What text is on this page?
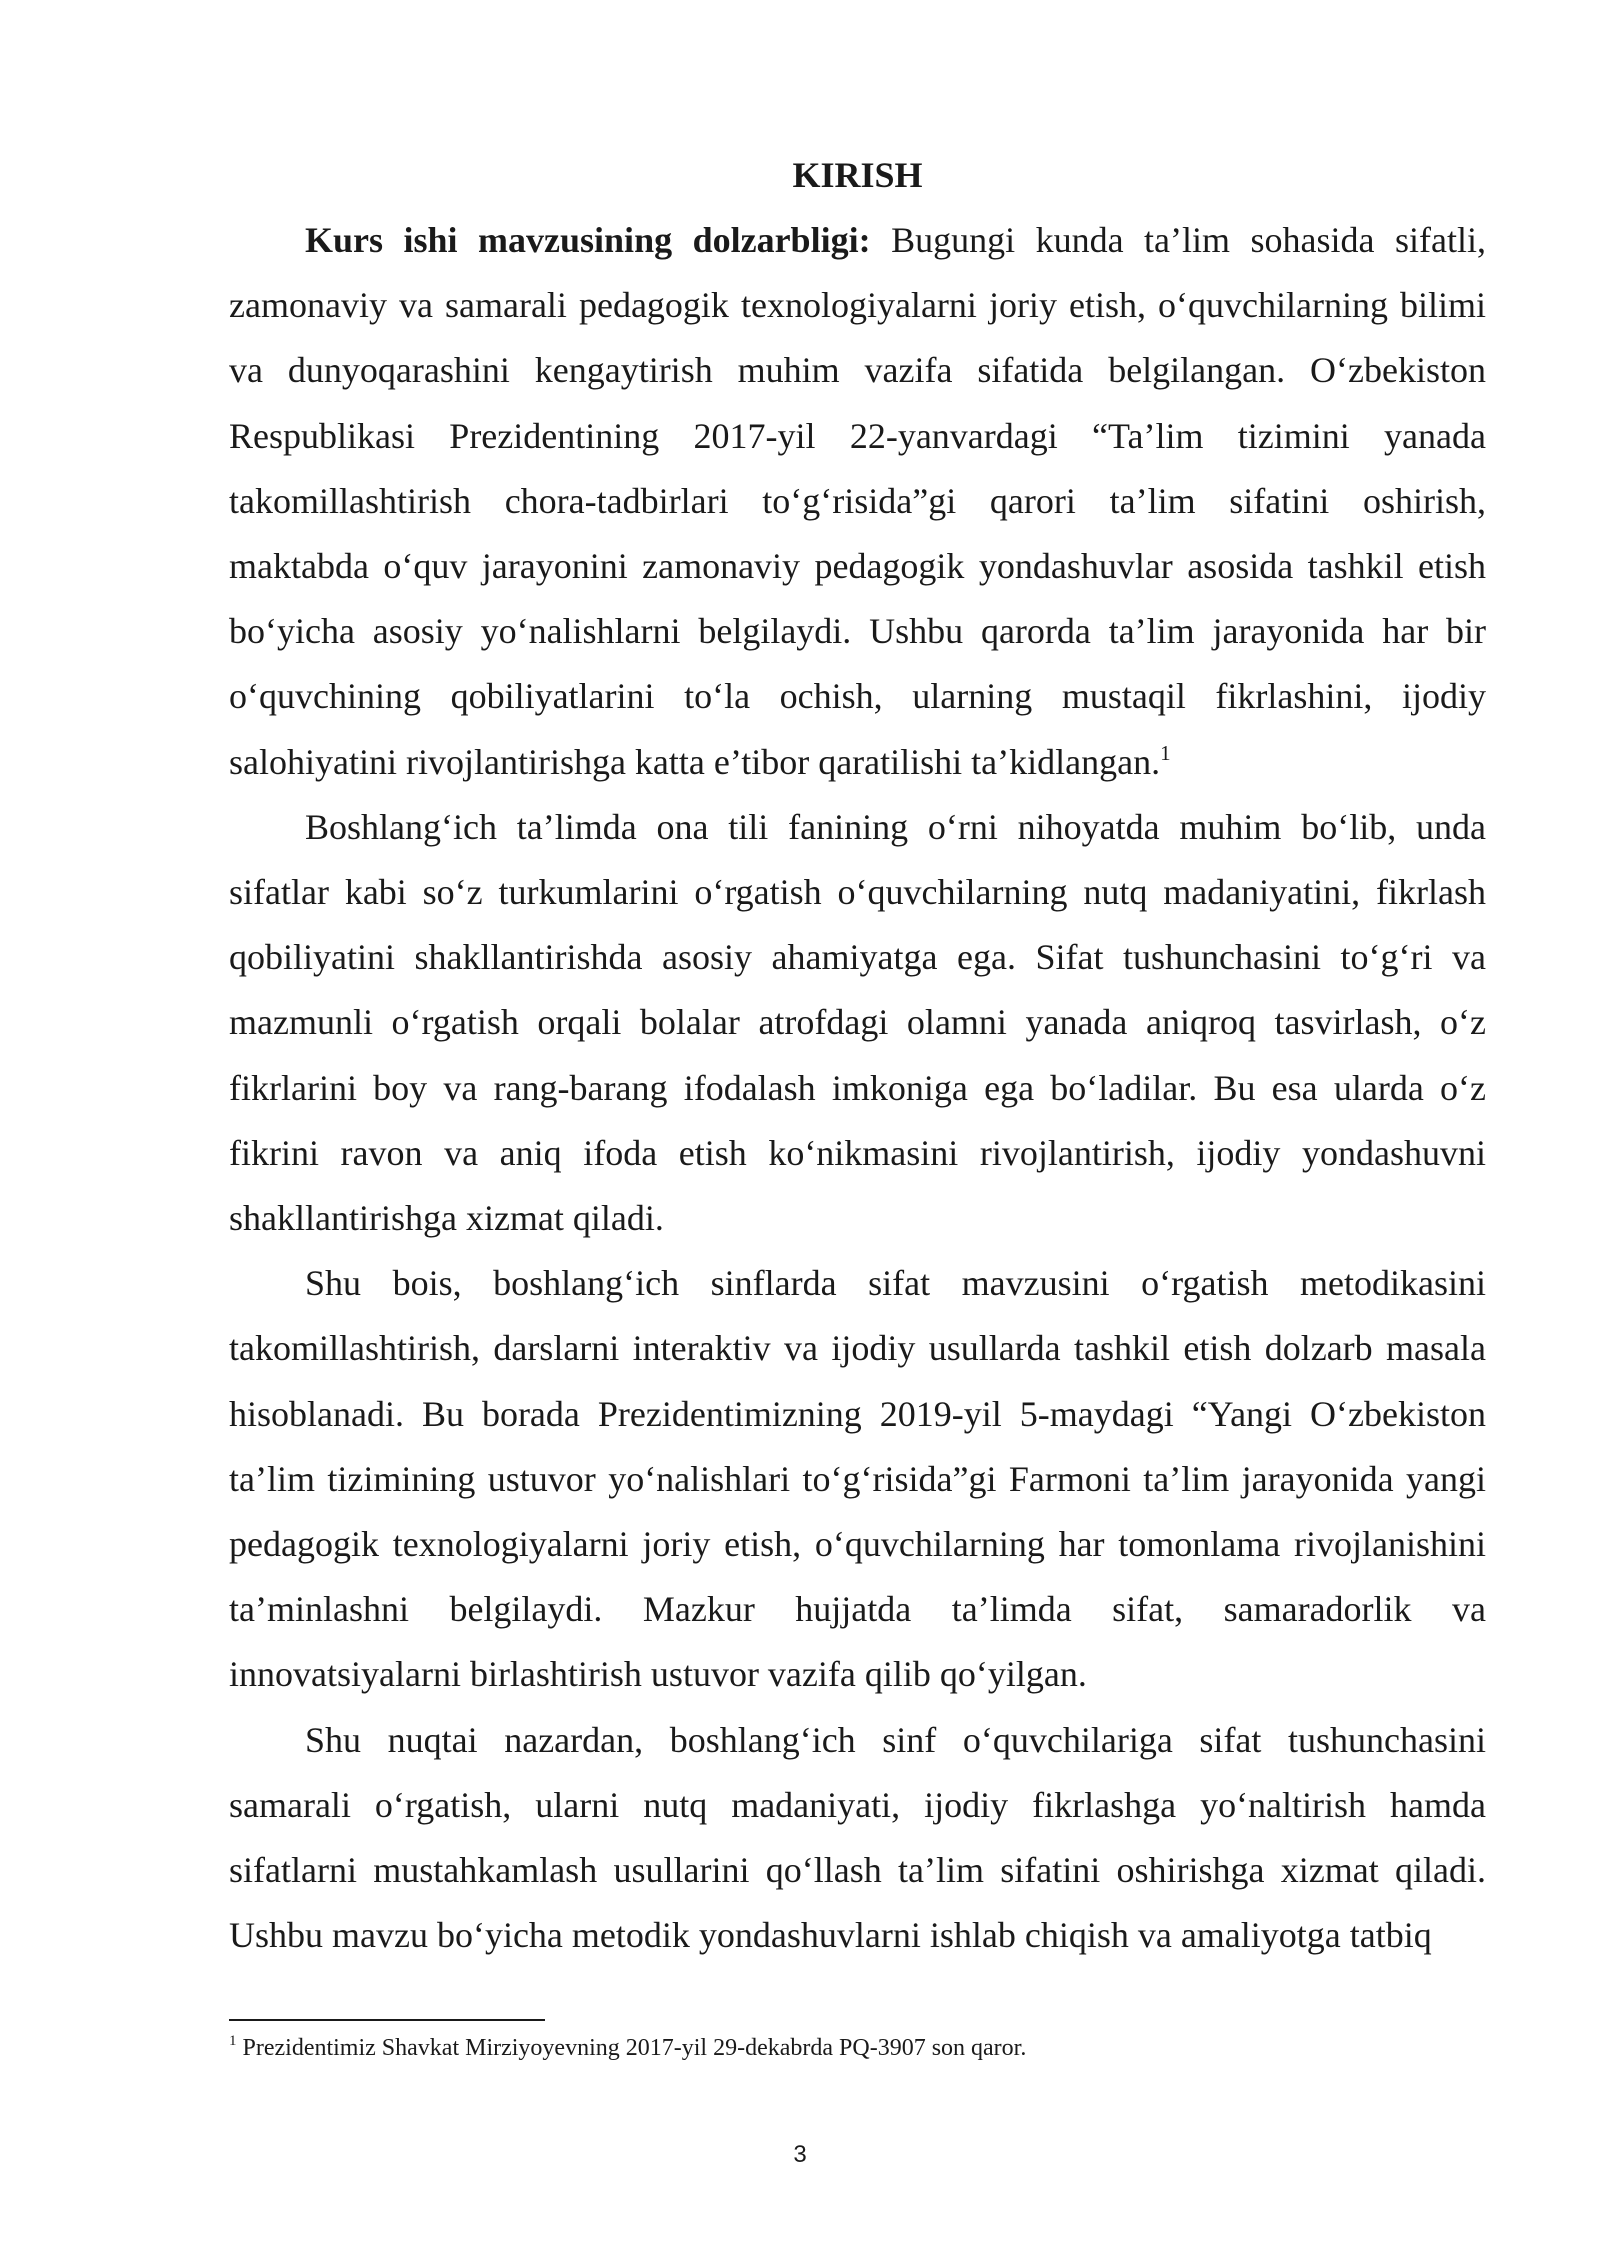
KIRISH

Kurs ishi mavzusining dolzarbligi: Bugungi kunda ta’lim sohasida sifatli, zamonaviy va samarali pedagogik texnologiyalarni joriy etish, o‘quvchilarning bilimi va dunyoqarashini kengaytirish muhim vazifa sifatida belgilangan. O‘zbekiston Respublikasi Prezidentining 2017-yil 22-yanvardagi “Ta’lim tizimini yanada takomillashtirish chora-tadbirlari to‘g‘risida”gi qarori ta’lim sifatini oshirish, maktabda o‘quv jarayonini zamonaviy pedagogik yondashuvlar asosida tashkil etish bo‘yicha asosiy yo‘nalishlarni belgilaydi. Ushbu qarorda ta’lim jarayonida har bir o‘quvchining qobiliyatlarini to‘la ochish, ularning mustaqil fikrlashini, ijodiy salohiyatini rivojlantirishga katta e’tibor qaratilishi ta’kidlangan.$^1$

Boshlang‘ich ta’limda ona tili fanining o‘rni nihoyatda muhim bo‘lib, unda sifatlar kabi so‘z turkumlarini o‘rgatish o‘quvchilarning nutq madaniyatini, fikrlash qobiliyatini shakllantirishda asosiy ahamiyatga ega. Sifat tushunchasini to‘g‘ri va mazmunli o‘rgatish orqali bolalar atrofdagi olamni yanada aniqroq tasvirlash, o‘z fikrlarini boy va rang-barang ifodalash imkoniga ega bo‘ladilar. Bu esa ularda o‘z fikrini ravon va aniq ifoda etish ko‘nikmasini rivojlantirish, ijodiy yondashuvni shakllantirishga xizmat qiladi.

Shu bois, boshlang‘ich sinflarda sifat mavzusini o‘rgatish metodikasini takomillashtirish, darslarni interaktiv va ijodiy usullarda tashkil etish dolzarb masala hisoblanadi. Bu borada Prezidentimizning 2019-yil 5-maydagi “Yangi O‘zbekiston ta’lim tizimining ustuvor yo‘nalishlari to‘g‘risida”gi Farmoni ta’lim jarayonida yangi pedagogik texnologiyalarni joriy etish, o‘quvchilarning har tomonlama rivojlanishini ta’minlashni belgilaydi. Mazkur hujjatda ta’limda sifat, samaradorlik va innovatsiyalarni birlashtirish ustuvor vazifa qilib qo‘yilgan.

Shu nuqtai nazardan, boshlang‘ich sinf o‘quvchilariga sifat tushunchasini samarali o‘rgatish, ularni nutq madaniyati, ijodiy fikrlashga yo‘naltirish hamda sifatlarni mustahkamlash usullarini qo‘llash ta’lim sifatini oshirishga xizmat qiladi. Ushbu mavzu bo‘yicha metodik yondashuvlarni ishlab chiqish va amaliyotga tatbiq

$^1$ Prezidentimiz Shavkat Mirziyoyevning 2017-yil 29-dekabrda PQ-3907 son qaror.

3
